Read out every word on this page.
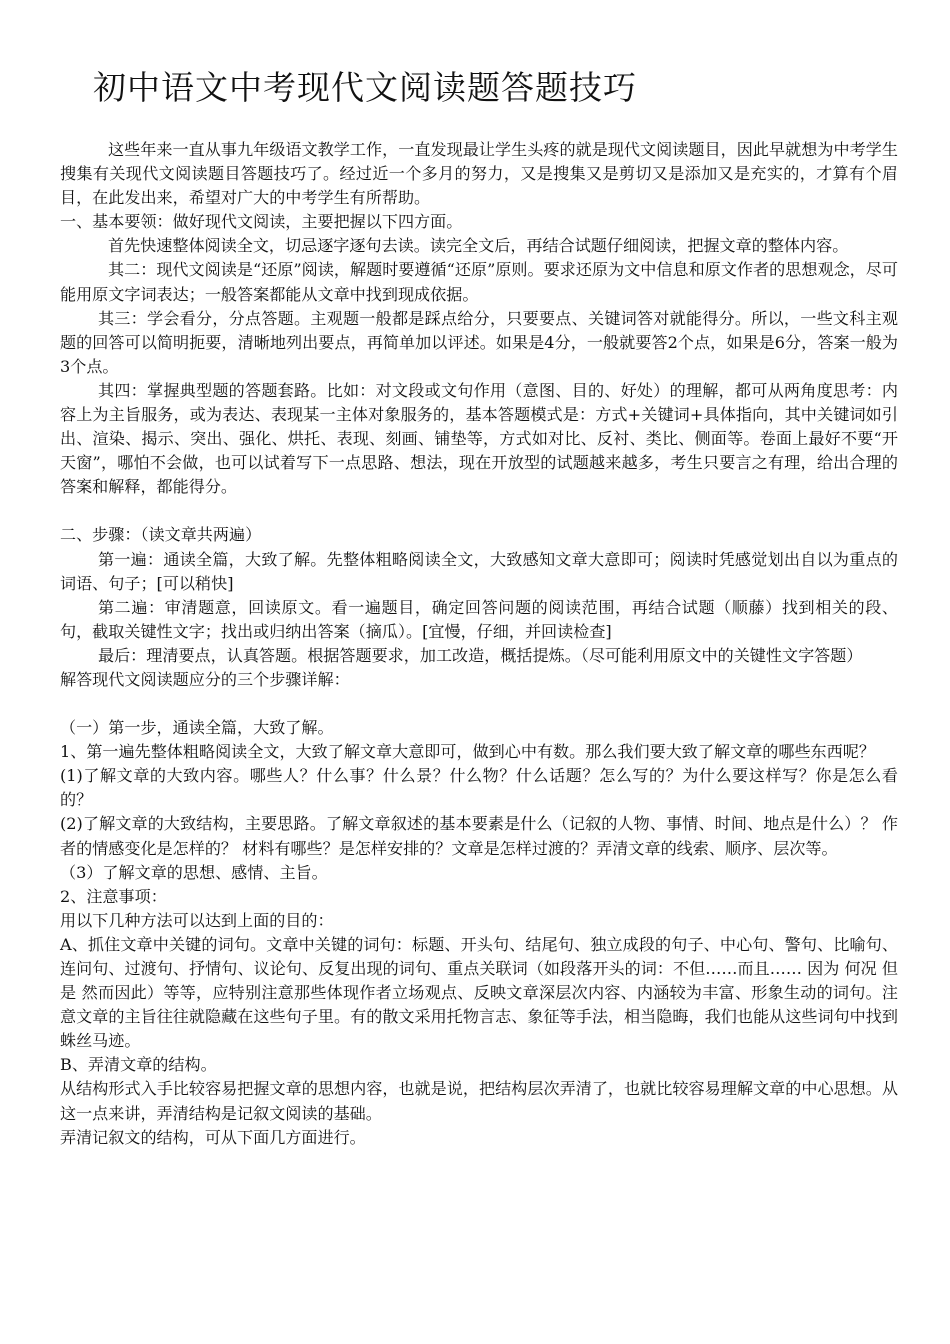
初中语文中考现代文阅读题答题技巧

这些年来一直从事九年级语文教学工作，一直发现最让学生头疼的就是现代文阅读题目，因此早就想为中考学生搜集有关现代文阅读题目答题技巧了。经过近一个多月的努力，又是搜集又是剪切又是添加又是充实的，才算有个眉目，在此发出来，希望对广大的中考学生有所帮助。

一、基本要领：做好现代文阅读，主要把握以下四方面。

首先快速整体阅读全文，切忌逐字逐句去读。读完全文后，再结合试题仔细阅读，把握文章的整体内容。

其二：现代文阅读是“还原”阅读，解题时要遵循“还原”原则。要求还原为文中信息和原文作者的思想观念，尽可能用原文字词表达；一般答案都能从文章中找到现成依据。

其三：学会看分，分点答题。主观题一般都是踩点给分，只要要点、关键词答对就能得分。所以，一些文科主观题的回答可以简明扼要，清晰地列出要点，再简单加以评述。如果是4分，一般就要答2个点，如果是6分，答案一般为3个点。

其四：掌握典型题的答题套路。比如：对文段或文句作用（意图、目的、好处）的理解，都可从两角度思考：内容上为主旨服务，或为表达、表现某一主体对象服务的，基本答题模式是：方式+关键词+具体指向，其中关键词如引出、渲染、揭示、突出、强化、烘托、表现、刻画、铺垫等，方式如对比、反衬、类比、侧面等。卷面上最好不要“开天窗”，哪怕不会做，也可以试着写下一点思路、想法，现在开放型的试题越来越多，考生只要言之有理，给出合理的答案和解释，都能得分。

二、步骤：（读文章共两遍）

第一遍：通读全篇，大致了解。先整体粗略阅读全文，大致感知文章大意即可；阅读时凭感觉划出自以为重点的词语、句子；[可以稍快]

第二遍：审清题意，回读原文。看一遍题目，确定回答问题的阅读范围，再结合试题（顺藤）找到相关的段、句，截取关键性文字；找出或归纳出答案（摘瓜）。[宜慢，仔细，并回读检查]

最后：理清要点，认真答题。根据答题要求，加工改造，概括提炼。（尽可能利用原文中的关键性文字答题）

解答现代文阅读题应分的三个步骤详解：

（一）第一步，通读全篇，大致了解。

1、第一遍先整体粗略阅读全文，大致了解文章大意即可，做到心中有数。那么我们要大致了解文章的哪些东西呢？

(1)了解文章的大致内容。哪些人？什么事？什么景？什么物？什么话题？怎么写的？为什么要这样写？你是怎么看的？

(2)了解文章的大致结构，主要思路。了解文章叙述的基本要素是什么（记叙的人物、事情、时间、地点是什么）？ 作者的情感变化是怎样的？ 材料有哪些？是怎样安排的？文章是怎样过渡的？弄清文章的线索、顺序、层次等。

（3）了解文章的思想、感情、主旨。

2、注意事项：

用以下几种方法可以达到上面的目的：

A、抓住文章中关键的词句。文章中关键的词句：标题、开头句、结尾句、独立成段的句子、中心句、警句、比喻句、连问句、过渡句、抒情句、议论句、反复出现的词句、重点关联词（如段落开头的词：不但……而且…… 因为 何况 但是 然而因此）等等，应特别注意那些体现作者立场观点、反映文章深层次内容、内涵较为丰富、形象生动的词句。注意文章的主旨往往就隐藏在这些句子里。有的散文采用托物言志、象征等手法，相当隐晦，我们也能从这些词句中找到蛛丝马迹。

B、弄清文章的结构。

从结构形式入手比较容易把握文章的思想内容，也就是说，把结构层次弄清了，也就比较容易理解文章的中心思想。从这一点来讲，弄清结构是记叙文阅读的基础。

弄清记叙文的结构，可从下面几方面进行。
